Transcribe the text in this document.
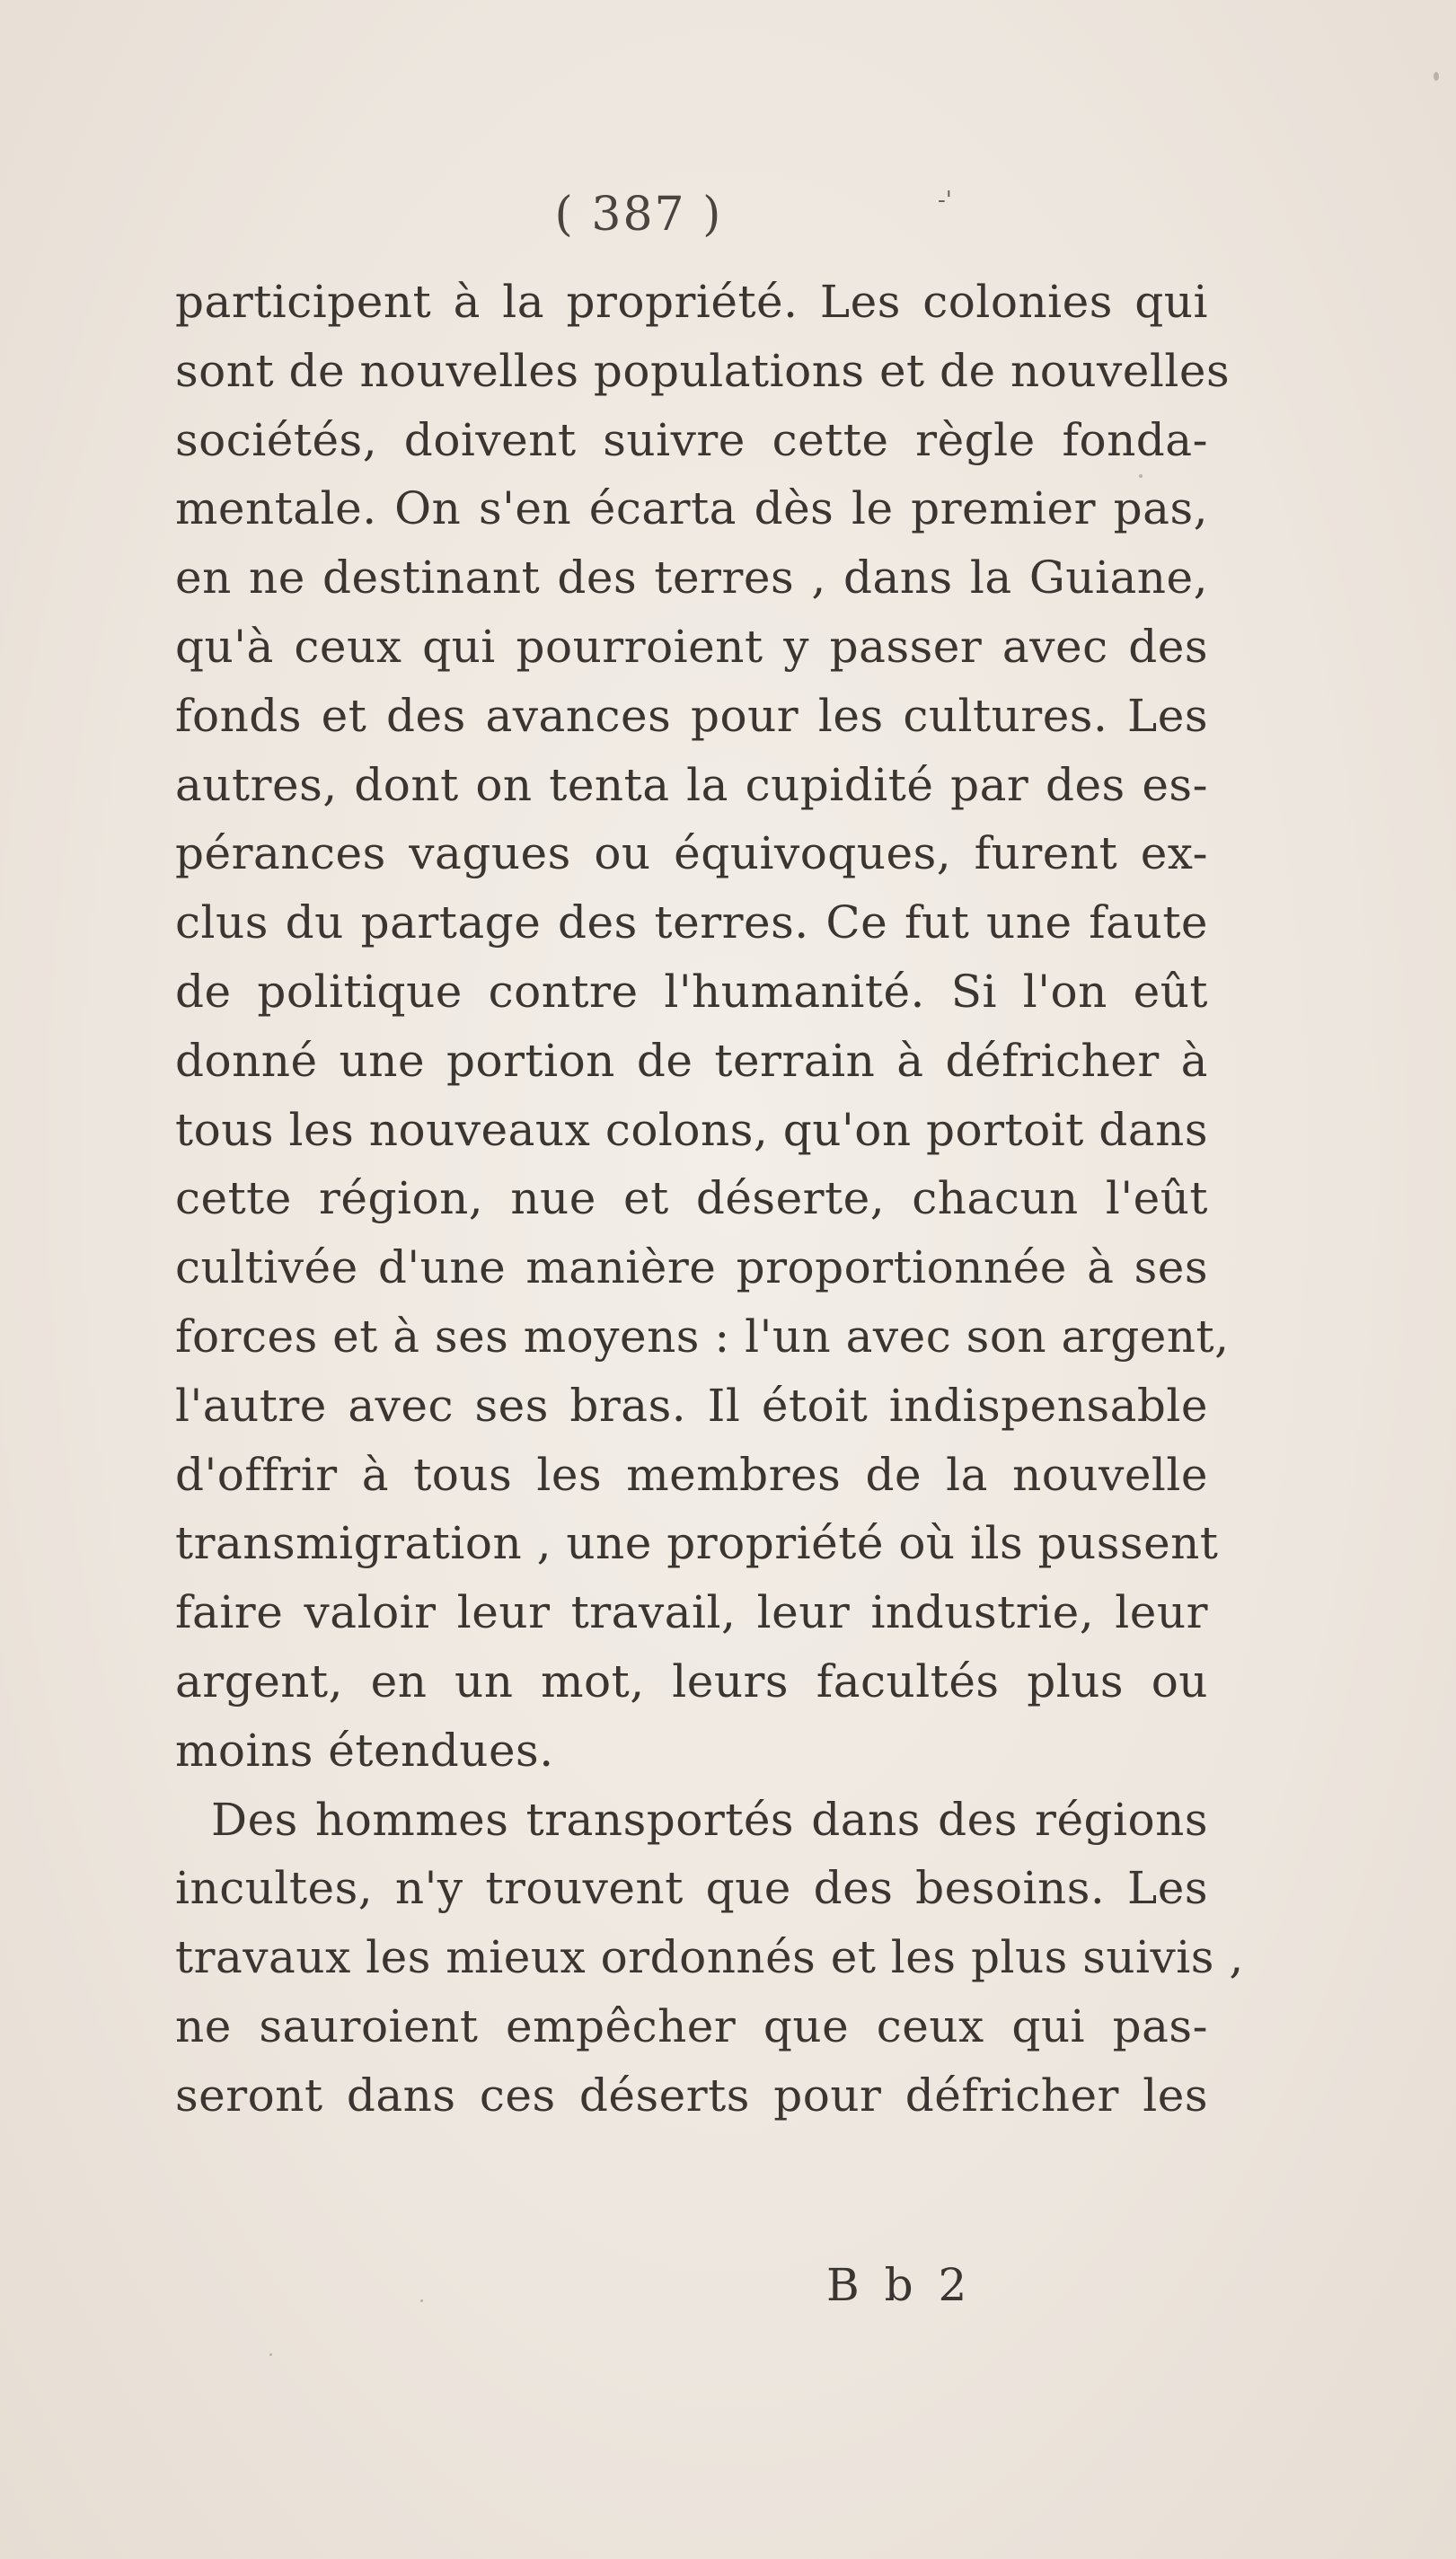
( 387 )	-'
participent à la propriété. Les colonies qui
sont de nouvelles populations et de nouvelles
sociétés, doivent suivre cette règle fonda-
mentale. On s'en écarta dès le premier pas,
en ne destinant des terres , dans la Guiane,
qu'à ceux qui pourroient y passer avec des
fonds et des avances pour les cultures. Les
autres, dont on tenta la cupidité par des es-
pérances vagues ou équivoques, furent ex-
clus du partage des terres. Ce fut une faute
de politique contre l'humanité. Si l'on eût
donné une portion de terrain à défricher à
tous les nouveaux colons, qu'on portoit dans
cette région, nue et déserte, chacun l'eût
cultivée d'une manière proportionnée à ses
forces et à ses moyens : l'un avec son argent,
l'autre avec ses bras. Il étoit indispensable
d'offrir à tous les membres de la nouvelle
transmigration , une propriété où ils pussent
faire valoir leur travail, leur industrie, leur
argent, en un mot, leurs facultés plus ou
moins étendues.
Des hommes transportés dans des régions
incultes, n'y trouvent que des besoins. Les
travaux les mieux ordonnés et les plus suivis ,
ne sauroient empêcher que ceux qui pas-
seront dans ces déserts pour défricher les
B b 2
